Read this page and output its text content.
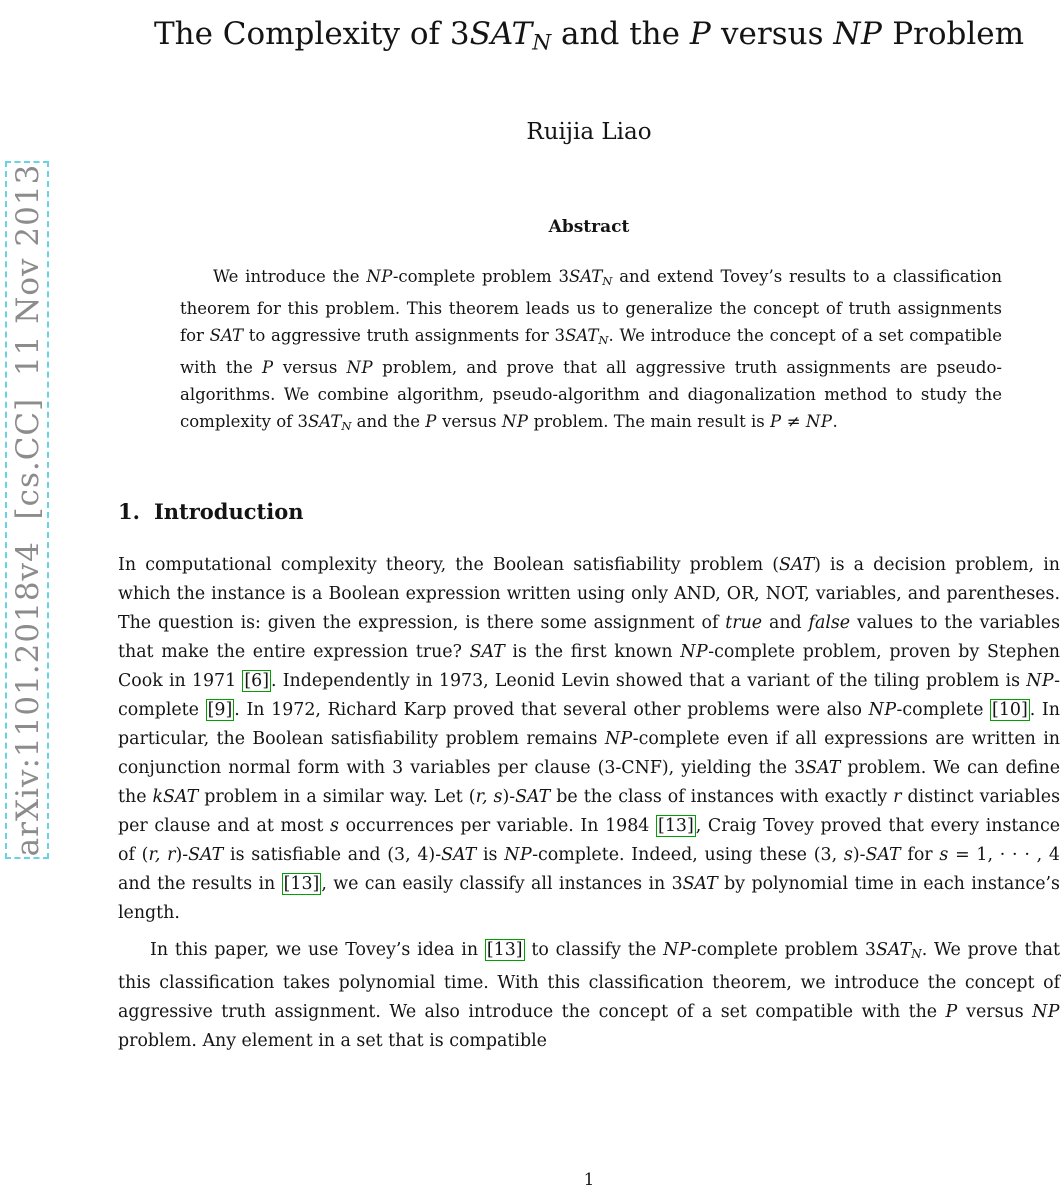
arXiv:1101.2018v4  [cs.CC]  11 Nov 2013
The Complexity of 3SATN and the P versus NP Problem
Ruijia Liao
Abstract

We introduce the NP-complete problem 3SATN and extend Tovey’s results to a classification theorem for this problem. This theorem leads us to generalize the concept of truth assignments for SAT to aggressive truth assignments for 3SATN. We introduce the concept of a set compatible with the P versus NP problem, and prove that all aggressive truth assignments are pseudo-algorithms. We combine algorithm, pseudo-algorithm and diagonalization method to study the complexity of 3SATN and the P versus NP problem. The main result is P ≠ NP.

1. Introduction

In computational complexity theory, the Boolean satisfiability problem (SAT) is a decision problem, in which the instance is a Boolean expression written using only AND, OR, NOT, variables, and parentheses. The question is: given the expression, is there some assignment of true and false values to the variables that make the entire expression true? SAT is the first known NP-complete problem, proven by Stephen Cook in 1971 [6] . Independently in 1973, Leonid Levin showed that a variant of the tiling problem is NP-complete [9] . In 1972, Richard Karp proved that several other problems were also NP-complete [10] . In particular, the Boolean satisfiability problem remains NP-complete even if all expressions are written in conjunction normal form with 3 variables per clause (3-CNF), yielding the 3SAT problem. We can define the kSAT problem in a similar way. Let (r, s)-SAT be the class of instances with exactly r distinct variables per clause and at most s occurrences per variable. In 1984 [13] , Craig Tovey proved that every instance of (r, r)-SAT is satisfiable and (3, 4)-SAT is NP-complete. Indeed, using these (3, s)-SAT for s = 1, · · · , 4 and the results in [13] , we can easily classify all instances in 3SAT by polynomial time in each instance’s length.

In this paper, we use Tovey’s idea in [13] to classify the NP-complete problem 3SATN. We prove that this classification takes polynomial time. With this classification theorem, we introduce the concept of aggressive truth assignment. We also introduce the concept of a set compatible with the P versus NP problem. Any element in a set that is compatible

1
